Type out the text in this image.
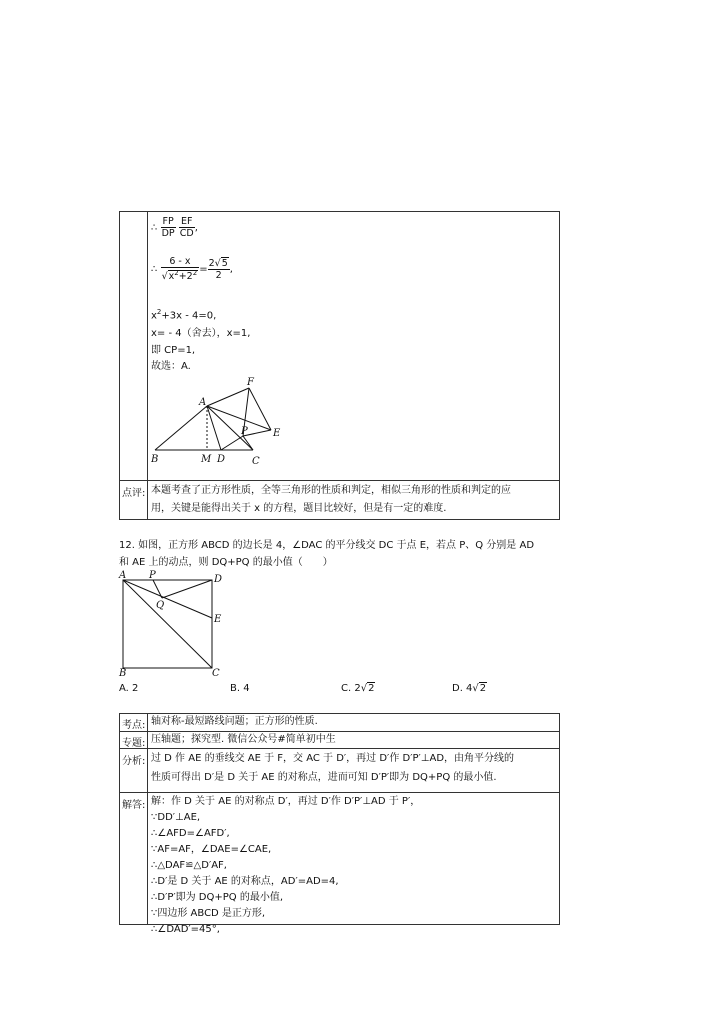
∴ $\frac{FP}{DP}$
$\frac{EF}{CD}$ ,
∴ $\frac{6 - x}{√x^2+2^2} = \frac{2√5}{2}$ ,
$x^2+3x - 4=0$,
x= - 4（舍去），x=1,
即 CP=1,
故选：A.
A
F
P	E
B	M D	C
点评: 本题考查了正方形性质，全等三角形的性质和判定，相似三角形的性质和判定的应
用，关键是能得出关于 x 的方程，题目比较好，但是有一定的难度.
12. 如图，正方形 ABCD 的边长是 4，∠DAC 的平分线交 DC 于点 E，若点 P、Q 分别是 AD
和 AE 上的动点，则 DQ+PQ 的最小值（　　）
A P	D
Q
E
B	C
A. 2	B. 4	C. 2√2	D. 4√2
考点: 轴对称-最短路线问题；正方形的性质.
专题: 压轴题；探究型. 微信公众号#简单初中生
分析: 过 D 作 AE 的垂线交 AE 于 F，交 AC 于 D′，再过 D′作 D′P′⊥AD，由角平分线的
性质可得出 D′是 D 关于 AE 的对称点，进而可知 D′P′即为 DQ+PQ 的最小值.
解答: 解：作 D 关于 AE 的对称点 D′，再过 D′作 D′P′⊥AD 于 P′，
∵DD′⊥AE,
∴∠AFD=∠AFD′,
∵AF=AF，∠DAE=∠CAE,
∴△DAF≌△D′AF,
∴D′是 D 关于 AE 的对称点，AD′=AD=4,
∴D′P′即为 DQ+PQ 的最小值,
∵四边形 ABCD 是正方形,
∴∠DAD′=45°,
